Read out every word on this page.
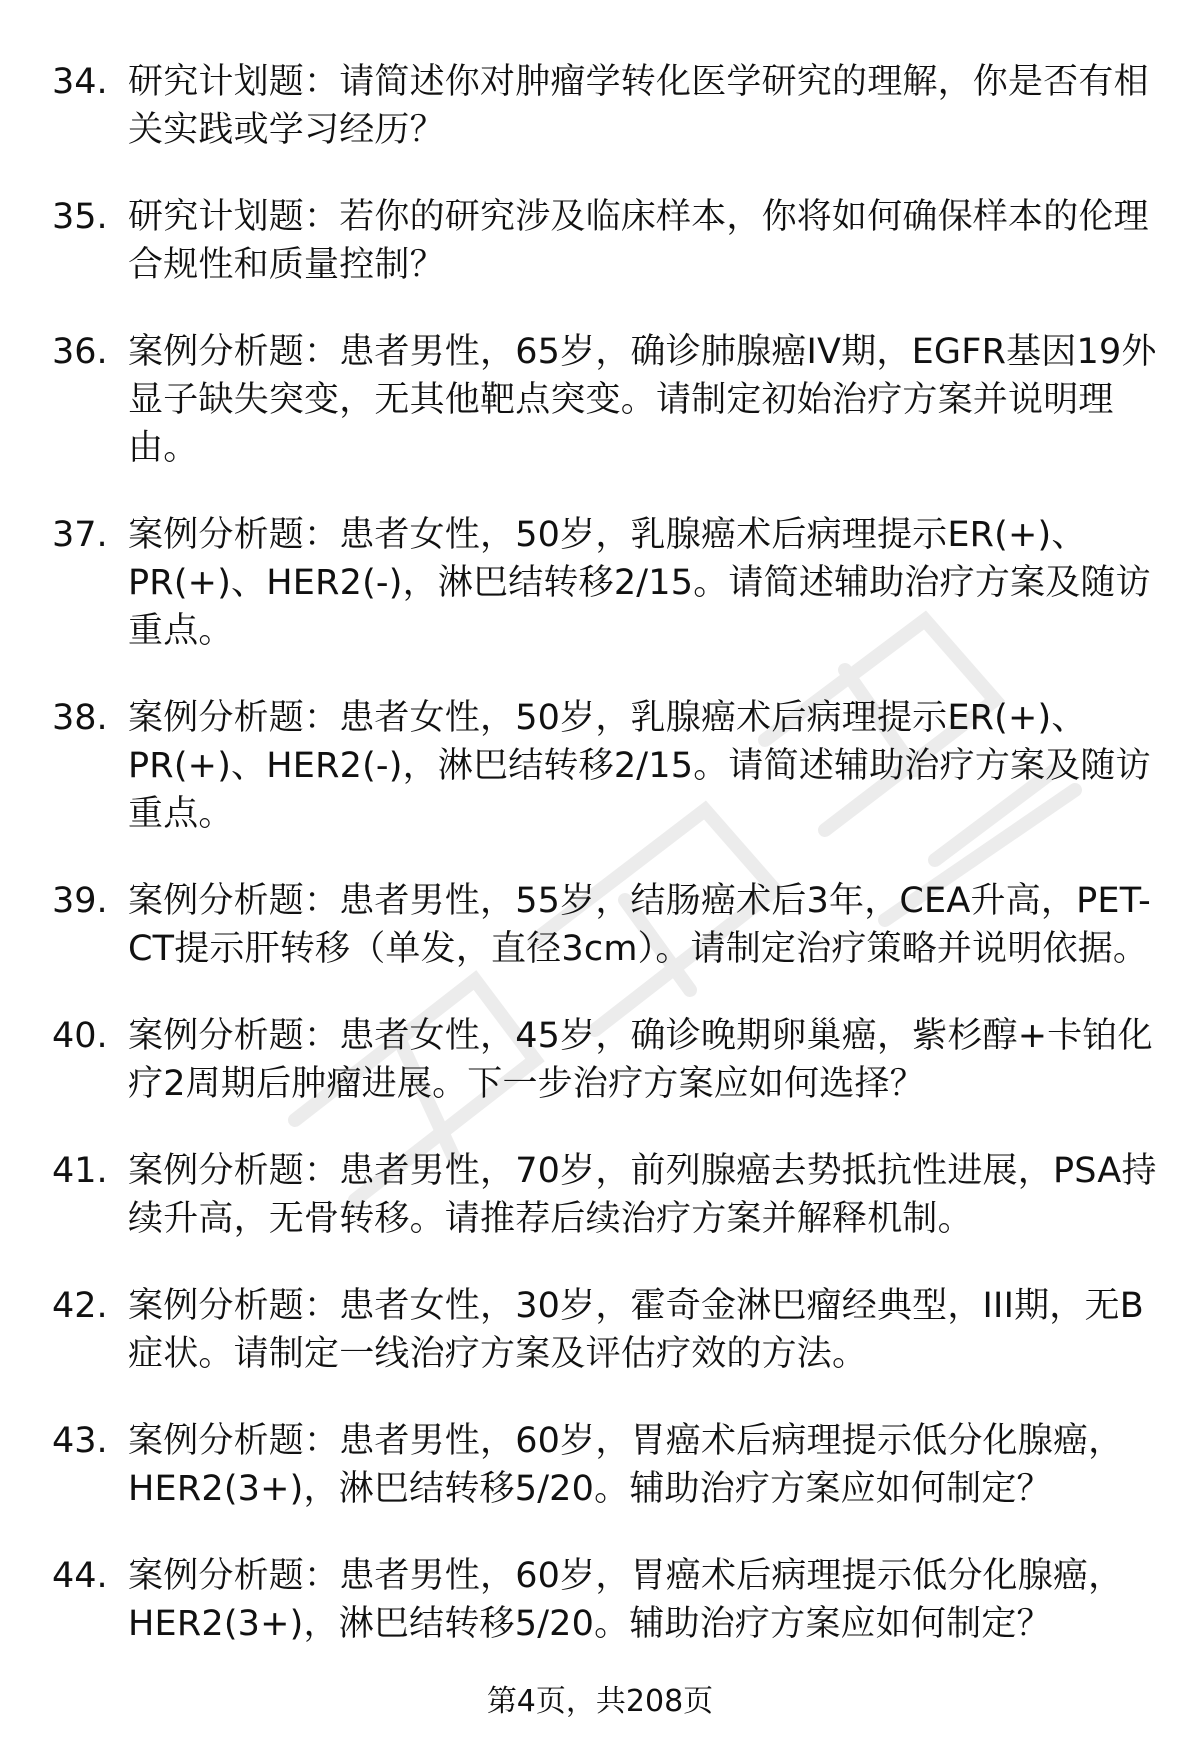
34. 研究计划题：请简述你对肿瘤学转化医学研究的理解，你是否有相关实践或学习经历？
35. 研究计划题：若你的研究涉及临床样本，你将如何确保样本的伦理合规性和质量控制？
36. 案例分析题：患者男性，65岁，确诊肺腺癌IV期，EGFR基因19外显子缺失突变，无其他靶点突变。请制定初始治疗方案并说明理由。
37. 案例分析题：患者女性，50岁，乳腺癌术后病理提示ER(+)、PR(+)、HER2(-)，淋巴结转移2/15。请简述辅助治疗方案及随访重点。
38. 案例分析题：患者女性，50岁，乳腺癌术后病理提示ER(+)、PR(+)、HER2(-)，淋巴结转移2/15。请简述辅助治疗方案及随访重点。
39. 案例分析题：患者男性，55岁，结肠癌术后3年，CEA升高，PET-CT提示肝转移（单发，直径3cm）。请制定治疗策略并说明依据。
40. 案例分析题：患者女性，45岁，确诊晚期卵巢癌，紫杉醇+卡铂化疗2周期后肿瘤进展。下一步治疗方案应如何选择？
41. 案例分析题：患者男性，70岁，前列腺癌去势抵抗性进展，PSA持续升高，无骨转移。请推荐后续治疗方案并解释机制。
42. 案例分析题：患者女性，30岁，霍奇金淋巴瘤经典型，III期，无B症状。请制定一线治疗方案及评估疗效的方法。
43. 案例分析题：患者男性，60岁，胃癌术后病理提示低分化腺癌，HER2(3+)，淋巴结转移5/20。辅助治疗方案应如何制定？
44. 案例分析题：患者男性，60岁，胃癌术后病理提示低分化腺癌，HER2(3+)，淋巴结转移5/20。辅助治疗方案应如何制定？
第4页，共208页
